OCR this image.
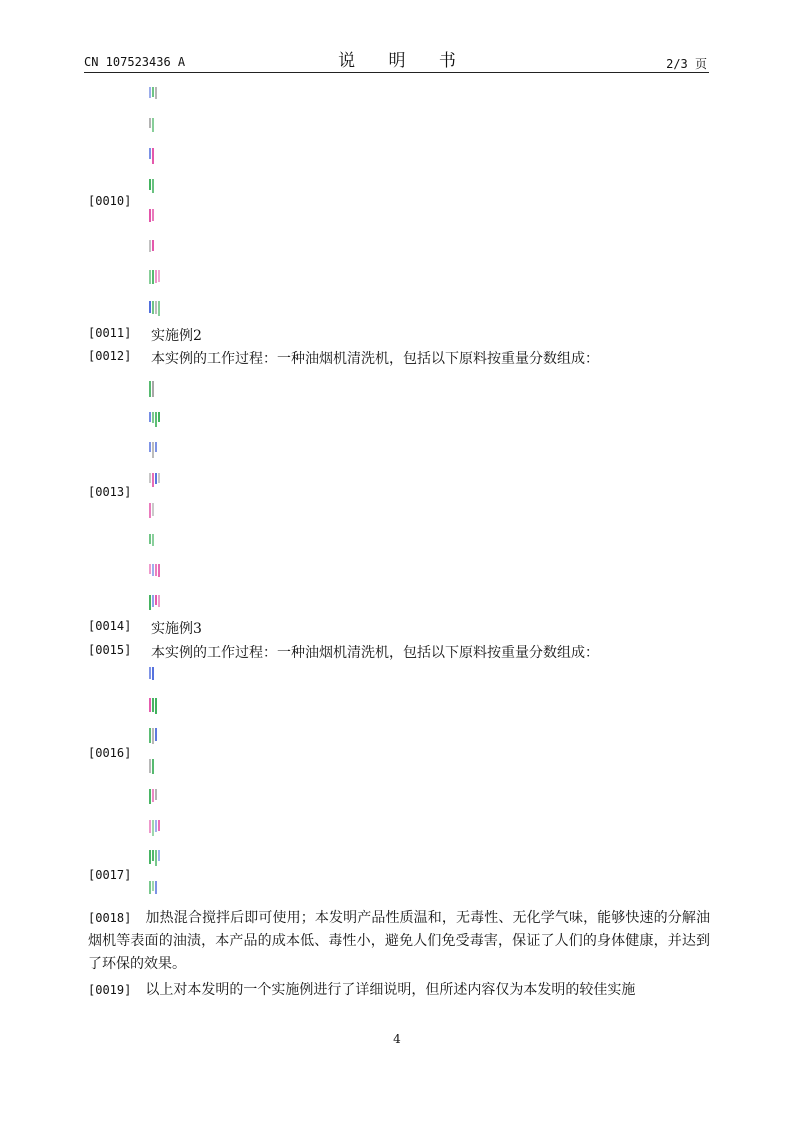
CN 107523436 A	说 明 书	2/3 页
[0010]
[0011] 实施例2
[0012] 本实例的工作过程：一种油烟机清洗机，包括以下原料按重量分数组成：
[0013]
[0014] 实施例3
[0015] 本实例的工作过程：一种油烟机清洗机，包括以下原料按重量分数组成：
[0016]
[0017]
[0018] 加热混合搅拌后即可使用；本发明产品性质温和，无毒性、无化学气味，能够快速的分解油烟机等表面的油渍，本产品的成本低、毒性小，避免人们免受毒害，保证了人们的身体健康，并达到了环保的效果。
[0019] 以上对本发明的一个实施例进行了详细说明，但所述内容仅为本发明的较佳实施
4
